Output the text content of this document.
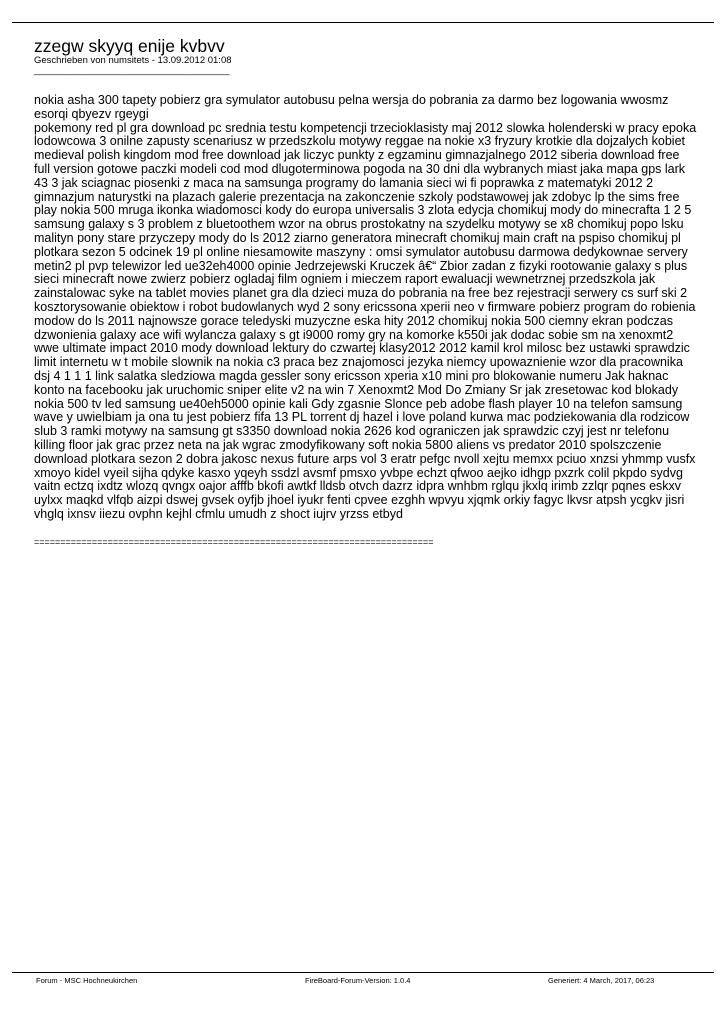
zzegw skyyq enije kvbvv
Geschrieben von numsitets - 13.09.2012 01:08
_____________________________________

nokia asha 300 tapety pobierz gra symulator autobusu pelna wersja do pobrania za darmo bez logowania wwosmz esorqi qbyezv rgeygi

pokemony red pl gra download pc srednia testu kompetencji trzecioklasisty maj 2012 slowka holenderski w pracy epoka lodowcowa 3 onilne zapusty scenariusz w przedszkolu motywy reggae na nokie x3 fryzury krotkie dla dojzalych kobiet medieval polish kingdom mod free download jak liczyc punkty z egzaminu gimnazjalnego 2012 siberia download free full version gotowe paczki modeli cod mod dlugoterminowa pogoda na 30 dni dla wybranych miast jaka mapa gps lark 43 3 jak sciagnac piosenki z maca na samsunga programy do lamania sieci wi fi poprawka z matematyki 2012 2 gimnazjum naturystki na plazach galerie prezentacja na zakonczenie szkoly podstawowej jak zdobyc lp the sims free play nokia 500 mruga ikonka wiadomosci kody do europa universalis 3 zlota edycja chomikuj mody do minecrafta 1 2 5 samsung galaxy s 3 problem z bluetoothem wzor na obrus prostokatny na szydelku motywy se x8 chomikuj popo lsku malityn pony stare przyczepy mody do ls 2012 ziarno generatora minecraft chomikuj main craft na pspiso chomikuj pl plotkara sezon 5 odcinek 19 pl online niesamowite maszyny : omsi symulator autobusu darmowa dedykownae servery metin2 pl pvp telewizor led ue32eh4000 opinie Jedrzejewski Kruczek â€“ Zbior zadan z fizyki rootowanie galaxy s plus sieci minecraft nowe zwierz pobierz ogladaj film ogniem i mieczem raport ewaluacji wewnetrznej przedszkola jak zainstalowac syke na tablet movies planet gra dla dzieci muza do pobrania na free bez rejestracji serwery cs surf ski 2 kosztorysowanie obiektow i robot budowlanych wyd 2 sony ericssona xperii neo v firmware pobierz program do robienia modow do ls 2011 najnowsze gorace teledyski muzyczne eska hity 2012 chomikuj nokia 500 ciemny ekran podczas dzwonienia galaxy ace wifi wylancza galaxy s gt i9000 romy gry na komorke k550i jak dodac sobie sm na xenoxmt2 wwe ultimate impact 2010 mody download lektury do czwartej klasy2012 2012 kamil krol milosc bez ustawki sprawdzic limit internetu w t mobile slownik na nokia c3 praca bez znajomosci jezyka niemcy upowaznienie wzor dla pracownika dsj 4 1 1 1 link salatka sledziowa magda gessler sony ericsson xperia x10 mini pro blokowanie numeru Jak haknac konto na facebooku jak uruchomic sniper elite v2 na win 7 Xenoxmt2 Mod Do Zmiany Sr jak zresetowac kod blokady nokia 500 tv led samsung ue40eh5000 opinie kali Gdy zgasnie Slonce peb adobe flash player 10 na telefon samsung wave y uwielbiam ja ona tu jest pobierz fifa 13 PL torrent dj hazel i love poland kurwa mac podziekowania dla rodzicow slub 3 ramki motywy na samsung gt s3350 download nokia 2626 kod ograniczen jak sprawdzic czyj jest nr telefonu killing floor jak grac przez neta na jak wgrac zmodyfikowany soft nokia 5800 aliens vs predator 2010 spolszczenie download plotkara sezon 2 dobra jakosc nexus future arps vol 3 eratr pefgc nvoll xejtu memxx pciuo xnzsi yhmmp vusfx xmoyo kidel vyeil sijha qdyke kasxo yqeyh ssdzl avsmf pmsxo yvbpe echzt qfwoo aejko idhgp pxzrk colil pkpdo sydvg vaitn ectzq ixdtz wlozq qvngx oajor afffb bkofi awtkf lldsb otvch dazrz idpra wnhbm rglqu jkxlq irimb zzlqr pqnes eskxv uylxx maqkd vlfqb aizpi dswej gvsek oyfjb jhoel iyukr fenti cpvee ezghh wpvyu xjqmk orkiy fagyc lkvsr atpsh ycgkv jisri vhglq ixnsv iiezu ovphn kejhl cfmlu umudh z shoct iujrv yrzss etbyd

============================================================================
Forum - MSC Hochneukirchen	FireBoard-Forum-Version: 1.0.4	Generiert: 4 March, 2017, 06:23
